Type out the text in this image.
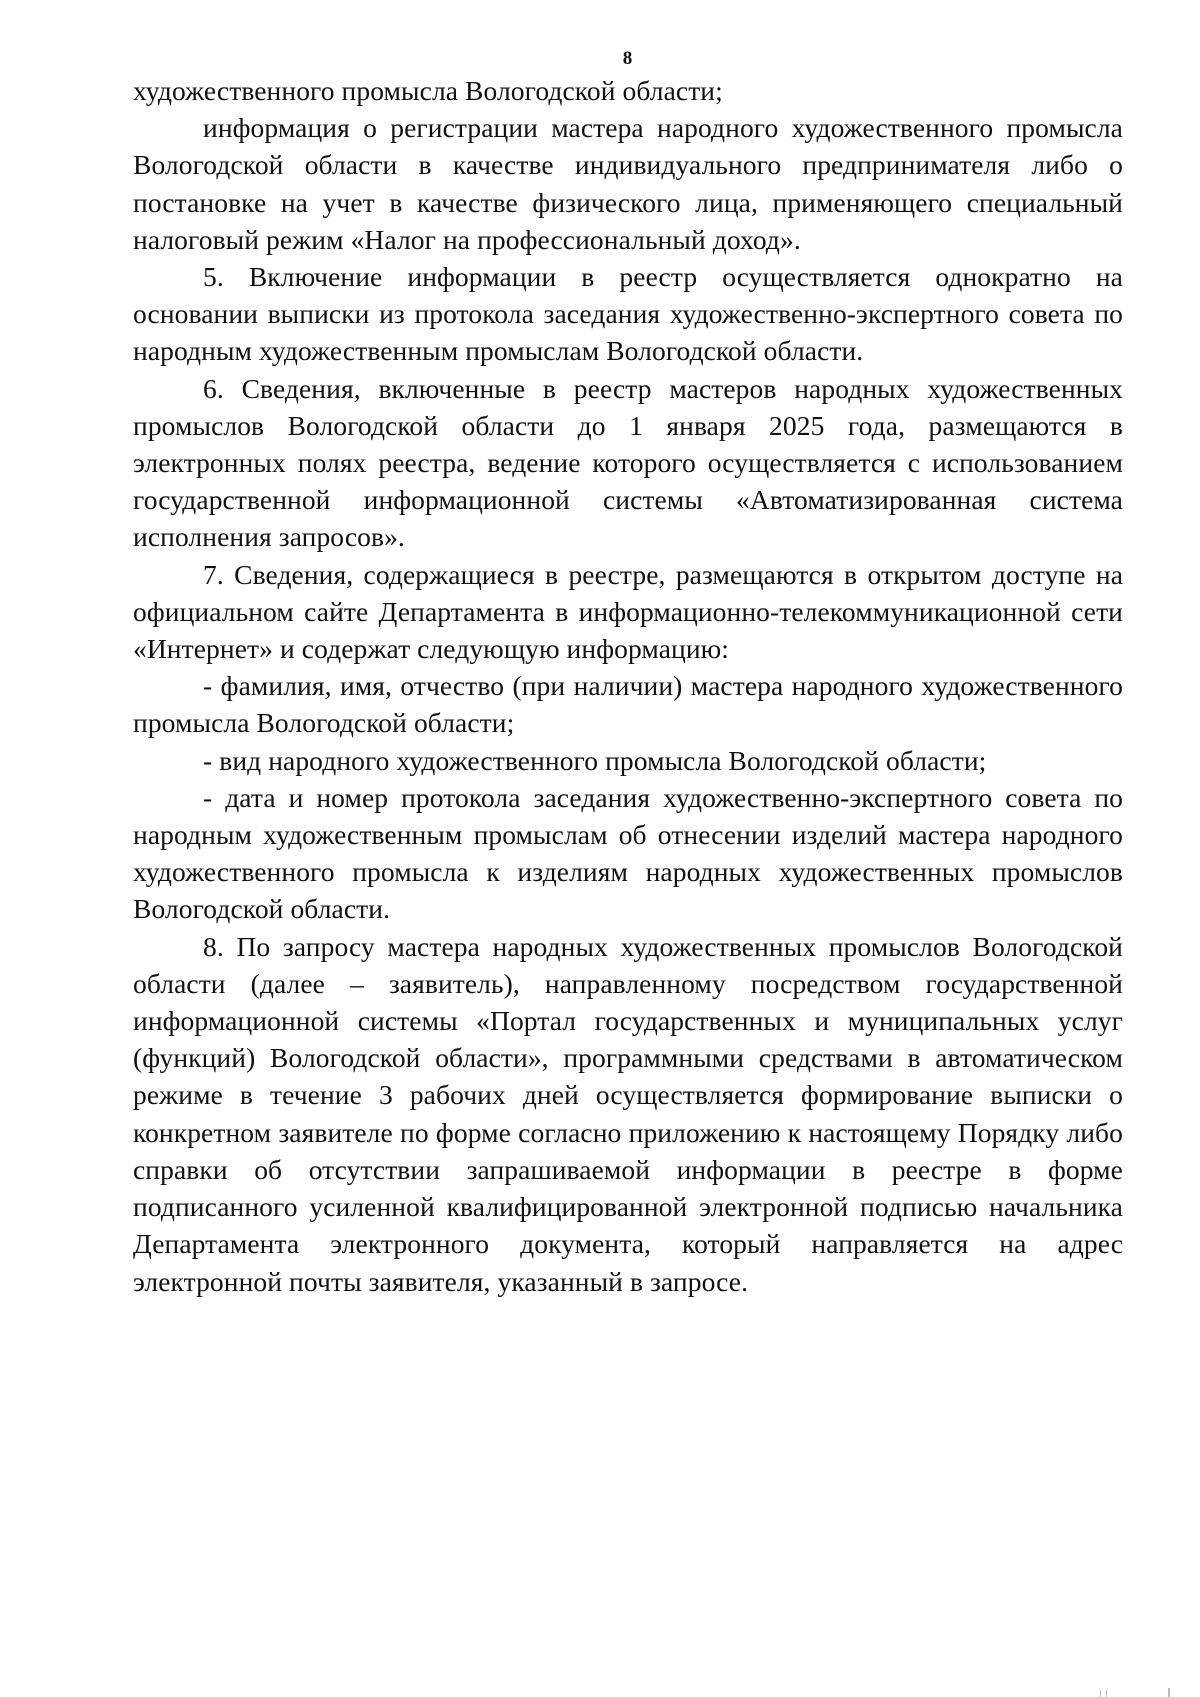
8

художественного промысла Вологодской области;

информация о регистрации мастера народного художественного промысла Вологодской области в качестве индивидуального предпринимателя либо о постановке на учет в качестве физического лица, применяющего специальный налоговый режим «Налог на профессиональный доход».

5. Включение информации в реестр осуществляется однократно на основании выписки из протокола заседания художественно-экспертного совета по народным художественным промыслам Вологодской области.

6. Сведения, включенные в реестр мастеров народных художественных промыслов Вологодской области до 1 января 2025 года, размещаются в электронных полях реестра, ведение которого осуществляется с использованием государственной информационной системы «Автоматизированная система исполнения запросов».

7. Сведения, содержащиеся в реестре, размещаются в открытом доступе на официальном сайте Департамента в информационно-телекоммуникационной сети «Интернет» и содержат следующую информацию:

- фамилия, имя, отчество (при наличии) мастера народного художественного промысла Вологодской области;

- вид народного художественного промысла Вологодской области;

- дата и номер протокола заседания художественно-экспертного совета по народным художественным промыслам об отнесении изделий мастера народного художественного промысла к изделиям народных художественных промыслов Вологодской области.

8. По запросу мастера народных художественных промыслов Вологодской области (далее – заявитель), направленному посредством государственной информационной системы «Портал государственных и муниципальных услуг (функций) Вологодской области», программными средствами в автоматическом режиме в течение 3 рабочих дней осуществляется формирование выписки о конкретном заявителе по форме согласно приложению к настоящему Порядку либо справки об отсутствии запрашиваемой информации в реестре в форме подписанного усиленной квалифицированной электронной подписью начальника Департамента электронного документа, который направляется на адрес электронной почты заявителя, указанный в запросе.
